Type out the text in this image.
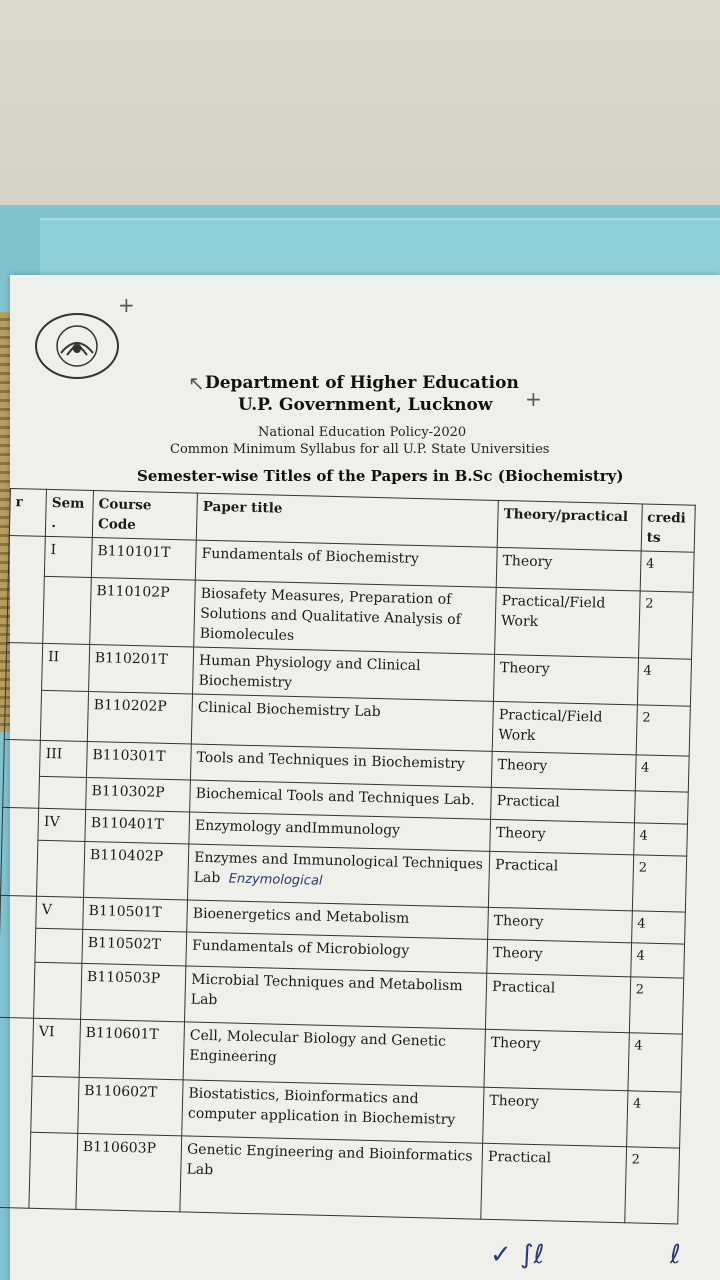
↖
+
+
Department of Higher Education
U.P. Government, Lucknow
National Education Policy-2020
Common Minimum Syllabus for all U.P. State Universities
Semester-wise Titles of the Papers in B.Sc (Biochemistry)
r	Sem .	Course Code	Paper title	Theory/practical	credi ts
	I	B110101T	Fundamentals of Biochemistry	Theory	4
		B110102P	Biosafety Measures, Preparation of Solutions and Qualitative Analysis of Biomolecules	Practical/Field Work	2
	II	B110201T	Human Physiology and Clinical Biochemistry	Theory	4
		B110202P	Clinical Biochemistry Lab	Practical/Field Work	2
	III	B110301T	Tools and Techniques in Biochemistry	Theory	4
		B110302P	Biochemical Tools and Techniques Lab.	Practical	
	IV	B110401T	Enzymology andImmunology	Theory	4
		B110402P	Enzymes and Immunological Techniques Lab Enzymological	Practical	2
	V	B110501T	Bioenergetics and Metabolism	Theory	4
		B110502T	Fundamentals of Microbiology	Theory	4
		B110503P	Microbial Techniques and Metabolism Lab	Practical	2
	VI	B110601T	Cell, Molecular Biology and Genetic Engineering	Theory	4
		B110602T	Biostatistics, Bioinformatics and computer application in Biochemistry	Theory	4
		B110603P	Genetic Engineering and Bioinformatics Lab	Practical	2
✓ ∫ℓ	ℓ
